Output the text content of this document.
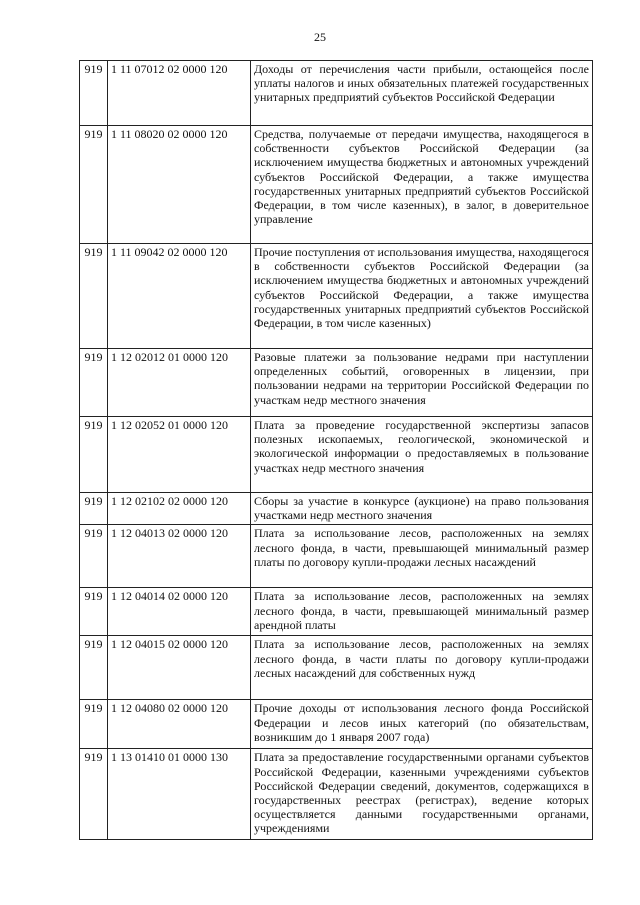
25
919	1 11 07012 02 0000 120	Доходы от перечисления части прибыли, остающейся после уплаты налогов и иных обязательных платежей государственных унитарных предприятий субъектов Российской Федерации
919	1 11 08020 02 0000 120	Средства, получаемые от передачи имущества, находящегося в собственности субъектов Российской Федерации (за исключением имущества бюджетных и автономных учреждений субъектов Российской Федерации, а также имущества государственных унитарных предприятий субъектов Российской Федерации, в том числе казенных), в залог, в доверительное управление
919	1 11 09042 02 0000 120	Прочие поступления от использования имущества, находящегося в собственности субъектов Российской Федерации (за исключением имущества бюджетных и автономных учреждений субъектов Российской Федерации, а также имущества государственных унитарных предприятий субъектов Российской Федерации, в том числе казенных)
919	1 12 02012 01 0000 120	Разовые платежи за пользование недрами при наступлении определенных событий, оговоренных в лицензии, при пользовании недрами на территории Российской Федерации по участкам недр местного значения
919	1 12 02052 01 0000 120	Плата за проведение государственной экспертизы запасов полезных ископаемых, геологической, экономической и экологической информации о предоставляемых в пользование участках недр местного значения
919	1 12 02102 02 0000 120	Сборы за участие в конкурсе (аукционе) на право пользования участками недр местного значения
919	1 12 04013 02 0000 120	Плата за использование лесов, расположенных на землях лесного фонда, в части, превышающей минимальный размер платы по договору купли-продажи лесных насаждений
919	1 12 04014 02 0000 120	Плата за использование лесов, расположенных на землях лесного фонда, в части, превышающей минимальный размер арендной платы
919	1 12 04015 02 0000 120	Плата за использование лесов, расположенных на землях лесного фонда, в части платы по договору купли-продажи лесных насаждений для собственных нужд
919	1 12 04080 02 0000 120	Прочие доходы от использования лесного фонда Российской Федерации и лесов иных категорий (по обязательствам, возникшим до 1 января 2007 года)
919	1 13 01410 01 0000 130	Плата за предоставление государственными органами субъектов Российской Федерации, казенными учреждениями субъектов Российской Федерации сведений, документов, содержащихся в государственных реестрах (регистрах), ведение которых осуществляется данными государственными органами, учреждениями
